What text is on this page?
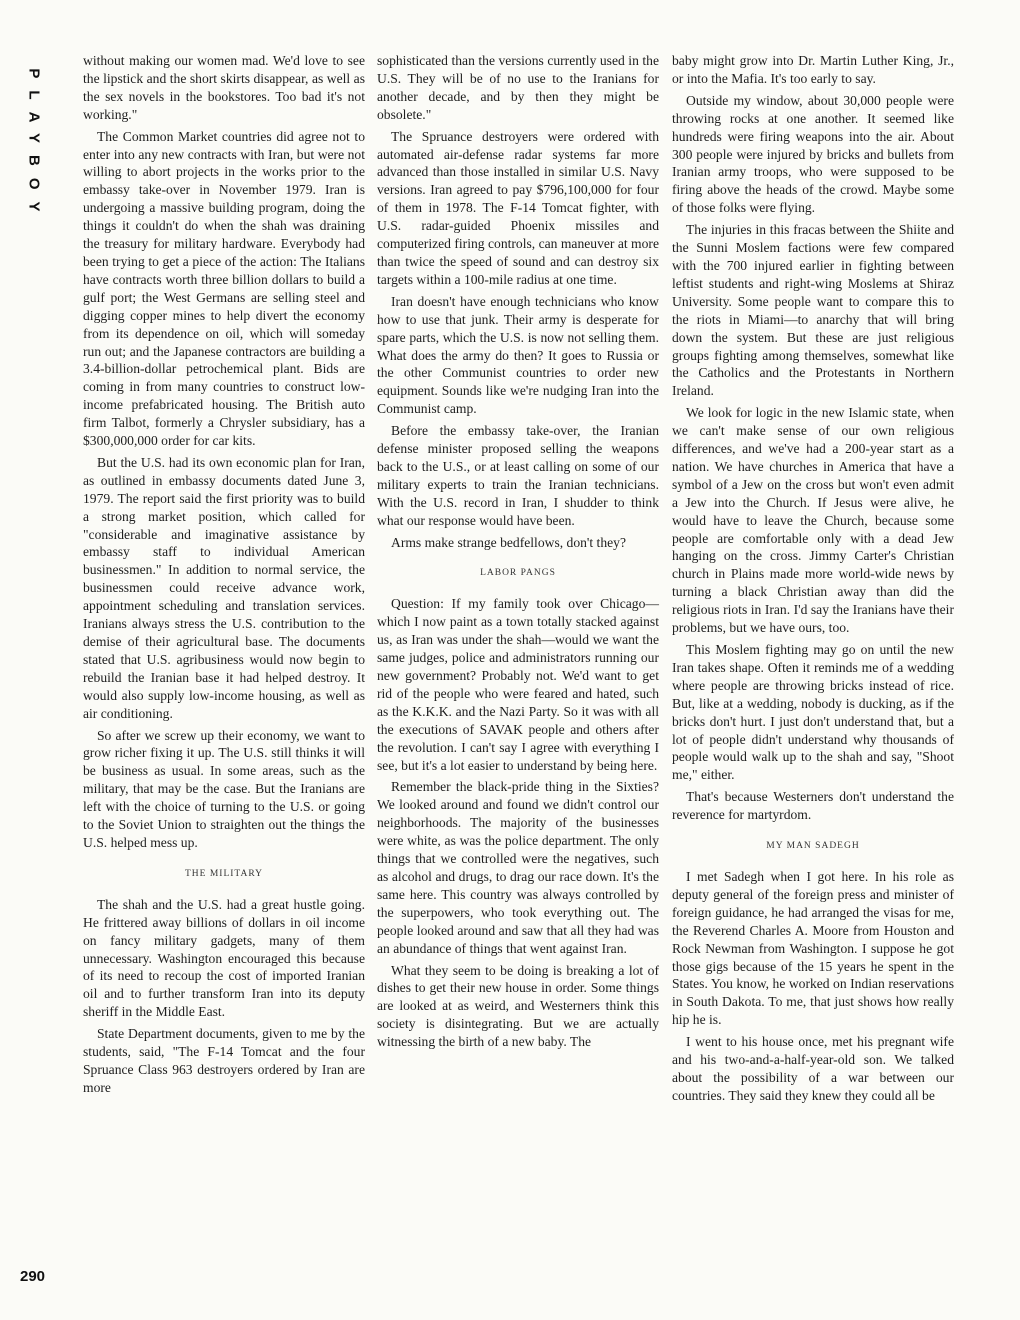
PLAYBOY

without making our women mad. We'd love to see the lipstick and the short skirts disappear, as well as the sex novels in the bookstores. Too bad it's not working."

The Common Market countries did agree not to enter into any new contracts with Iran, but were not willing to abort projects in the works prior to the embassy take-over in November 1979. Iran is undergoing a massive building program, doing the things it couldn't do when the shah was draining the treasury for military hardware. Everybody had been trying to get a piece of the action: The Italians have contracts worth three billion dollars to build a gulf port; the West Germans are selling steel and digging copper mines to help divert the economy from its dependence on oil, which will someday run out; and the Japanese contractors are building a 3.4-billion-dollar petrochemical plant. Bids are coming in from many countries to construct low-income prefabricated housing. The British auto firm Talbot, formerly a Chrysler subsidiary, has a $300,000,000 order for car kits.

But the U.S. had its own economic plan for Iran, as outlined in embassy documents dated June 3, 1979. The report said the first priority was to build a strong market position, which called for "considerable and imaginative assistance by embassy staff to individual American businessmen." In addition to normal service, the businessmen could receive advance work, appointment scheduling and translation services. Iranians always stress the U.S. contribution to the demise of their agricultural base. The documents stated that U.S. agribusiness would now begin to rebuild the Iranian base it had helped destroy. It would also supply low-income housing, as well as air conditioning.

So after we screw up their economy, we want to grow richer fixing it up. The U.S. still thinks it will be business as usual. In some areas, such as the military, that may be the case. But the Iranians are left with the choice of turning to the U.S. or going to the Soviet Union to straighten out the things the U.S. helped mess up.

THE MILITARY

The shah and the U.S. had a great hustle going. He frittered away billions of dollars in oil income on fancy military gadgets, many of them unnecessary. Washington encouraged this because of its need to recoup the cost of imported Iranian oil and to further transform Iran into its deputy sheriff in the Middle East.

State Department documents, given to me by the students, said, "The F-14 Tomcat and the four Spruance Class 963 destroyers ordered by Iran are more

sophisticated than the versions currently used in the U.S. They will be of no use to the Iranians for another decade, and by then they might be obsolete."

The Spruance destroyers were ordered with automated air-defense radar systems far more advanced than those installed in similar U.S. Navy versions. Iran agreed to pay $796,100,000 for four of them in 1978. The F-14 Tomcat fighter, with U.S. radar-guided Phoenix missiles and computerized firing controls, can maneuver at more than twice the speed of sound and can destroy six targets within a 100-mile radius at one time.

Iran doesn't have enough technicians who know how to use that junk. Their army is desperate for spare parts, which the U.S. is now not selling them. What does the army do then? It goes to Russia or the other Communist countries to order new equipment. Sounds like we're nudging Iran into the Communist camp.

Before the embassy take-over, the Iranian defense minister proposed selling the weapons back to the U.S., or at least calling on some of our military experts to train the Iranian technicians. With the U.S. record in Iran, I shudder to think what our response would have been.

Arms make strange bedfellows, don't they?

LABOR PANGS

Question: If my family took over Chicago—which I now paint as a town totally stacked against us, as Iran was under the shah—would we want the same judges, police and administrators running our new government? Probably not. We'd want to get rid of the people who were feared and hated, such as the K.K.K. and the Nazi Party. So it was with all the executions of SAVAK people and others after the revolution. I can't say I agree with everything I see, but it's a lot easier to understand by being here.

Remember the black-pride thing in the Sixties? We looked around and found we didn't control our neighborhoods. The majority of the businesses were white, as was the police department. The only things that we controlled were the negatives, such as alcohol and drugs, to drag our race down. It's the same here. This country was always controlled by the superpowers, who took everything out. The people looked around and saw that all they had was an abundance of things that went against Iran.

What they seem to be doing is breaking a lot of dishes to get their new house in order. Some things are looked at as weird, and Westerners think this society is disintegrating. But we are actually witnessing the birth of a new baby. The

baby might grow into Dr. Martin Luther King, Jr., or into the Mafia. It's too early to say.

Outside my window, about 30,000 people were throwing rocks at one another. It seemed like hundreds were firing weapons into the air. About 300 people were injured by bricks and bullets from Iranian army troops, who were supposed to be firing above the heads of the crowd. Maybe some of those folks were flying.

The injuries in this fracas between the Shiite and the Sunni Moslem factions were few compared with the 700 injured earlier in fighting between leftist students and right-wing Moslems at Shiraz University. Some people want to compare this to the riots in Miami—to anarchy that will bring down the system. But these are just religious groups fighting among themselves, somewhat like the Catholics and the Protestants in Northern Ireland.

We look for logic in the new Islamic state, when we can't make sense of our own religious differences, and we've had a 200-year start as a nation. We have churches in America that have a symbol of a Jew on the cross but won't even admit a Jew into the Church. If Jesus were alive, he would have to leave the Church, because some people are comfortable only with a dead Jew hanging on the cross. Jimmy Carter's Christian church in Plains made more world-wide news by turning a black Christian away than did the religious riots in Iran. I'd say the Iranians have their problems, but we have ours, too.

This Moslem fighting may go on until the new Iran takes shape. Often it reminds me of a wedding where people are throwing bricks instead of rice. But, like at a wedding, nobody is ducking, as if the bricks don't hurt. I just don't understand that, but a lot of people didn't understand why thousands of people would walk up to the shah and say, "Shoot me," either.

That's because Westerners don't understand the reverence for martyrdom.

MY MAN SADEGH

I met Sadegh when I got here. In his role as deputy general of the foreign press and minister of foreign guidance, he had arranged the visas for me, the Reverend Charles A. Moore from Houston and Rock Newman from Washington. I suppose he got those gigs because of the 15 years he spent in the States. You know, he worked on Indian reservations in South Dakota. To me, that just shows how really hip he is.

I went to his house once, met his pregnant wife and his two-and-a-half-year-old son. We talked about the possibility of a war between our countries. They said they knew they could all be

290
